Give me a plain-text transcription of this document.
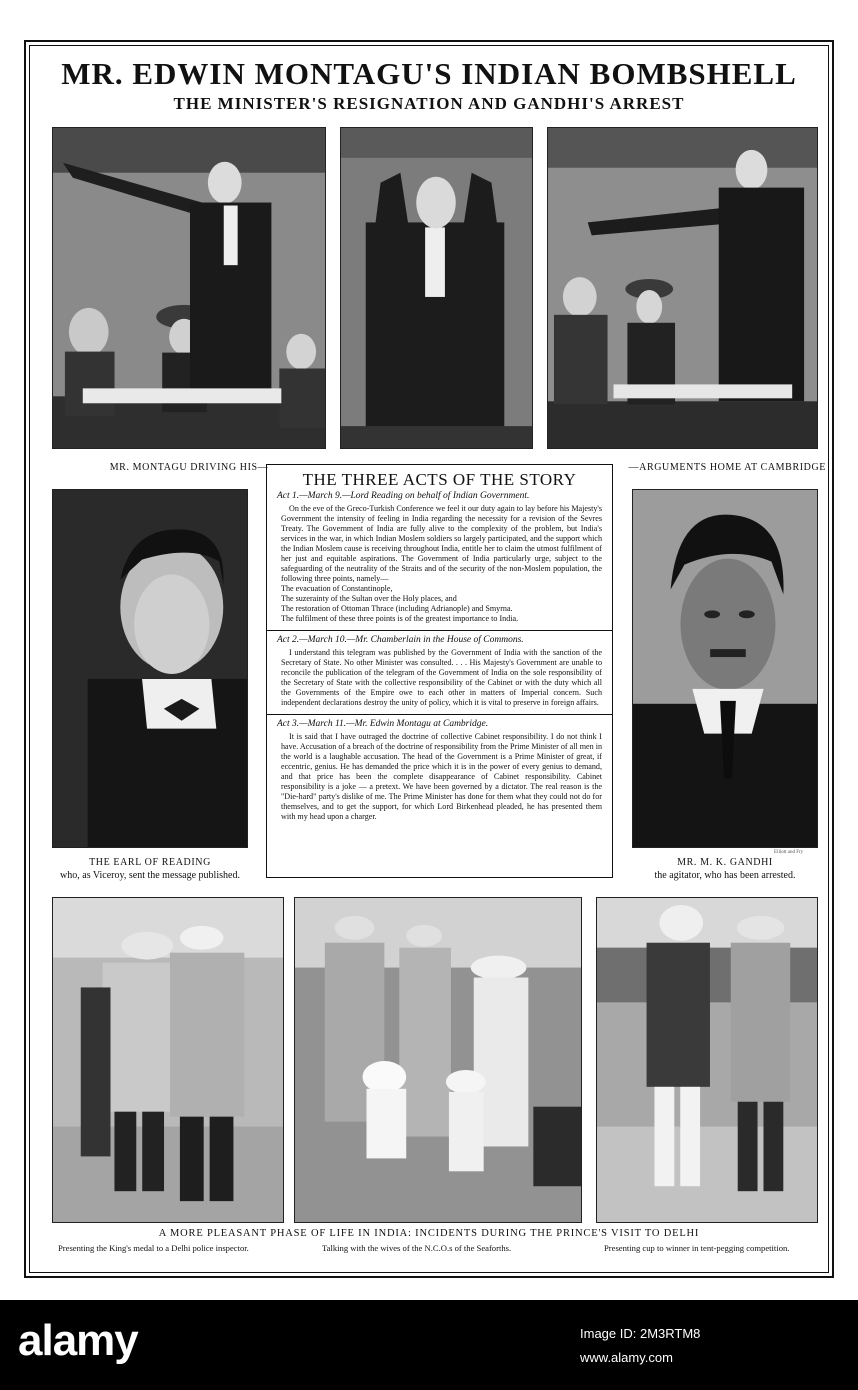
MR. EDWIN MONTAGU'S INDIAN BOMBSHELL
THE MINISTER'S RESIGNATION AND GANDHI'S ARREST
MR. MONTAGU DRIVING HIS—	—ARGUMENTS HOME AT CAMBRIDGE
THE EARL OF READING
who, as Viceroy, sent the message published.
THE THREE ACTS OF THE STORY
Act 1.—March 9.—Lord Reading on behalf of Indian Government.

On the eve of the Greco-Turkish Conference we feel it our duty again to lay before his Majesty's Government the intensity of feeling in India regarding the necessity for a revision of the Sevres Treaty. The Government of India are fully alive to the complexity of the problem, but India's services in the war, in which Indian Moslem soldiers so largely participated, and the support which the Indian Moslem cause is receiving throughout India, entitle her to claim the utmost fulfilment of her just and equitable aspirations. The Government of India particularly urge, subject to the safeguarding of the neutrality of the Straits and of the security of the non-Moslem population, the following three points, namely—

The evacuation of Constantinople,

The suzerainty of the Sultan over the Holy places, and

The restoration of Ottoman Thrace (including Adrianople) and Smyrna.

The fulfilment of these three points is of the greatest importance to India.

Act 2.—March 10.—Mr. Chamberlain in the House of Commons.

I understand this telegram was published by the Government of India with the sanction of the Secretary of State. No other Minister was consulted. . . . His Majesty's Government are unable to reconcile the publication of the telegram of the Government of India on the sole responsibility of the Secretary of State with the collective responsibility of the Cabinet or with the duty which all the Governments of the Empire owe to each other in matters of Imperial concern. Such independent declarations destroy the unity of policy, which it is vital to preserve in foreign affairs.

Act 3.—March 11.—Mr. Edwin Montagu at Cambridge.

It is said that I have outraged the doctrine of collective Cabinet responsibility. I do not think I have. Accusation of a breach of the doctrine of responsibility from the Prime Minister of all men in the world is a laughable accusation. The head of the Government is a Prime Minister of great, if eccentric, genius. He has demanded the price which it is in the power of every genius to demand, and that price has been the complete disappearance of Cabinet responsibility. Cabinet responsibility is a joke — a pretext. We have been governed by a dictator. The real reason is the "Die-hard" party's dislike of me. The Prime Minister has done for them what they could not do for themselves, and to get the support, for which Lord Birkenhead pleaded, he has presented them with my head upon a charger.

Elliott and Fry
MR. M. K. GANDHI
the agitator, who has been arrested.
A MORE PLEASANT PHASE OF LIFE IN INDIA: INCIDENTS DURING THE PRINCE'S VISIT TO DELHI
Presenting the King's medal to a Delhi police inspector.	Talking with the wives of the N.C.O.s of the Seaforths.	Presenting cup to winner in tent-pegging competition.
alamy	Image ID: 2M3RTM8
www.alamy.com
